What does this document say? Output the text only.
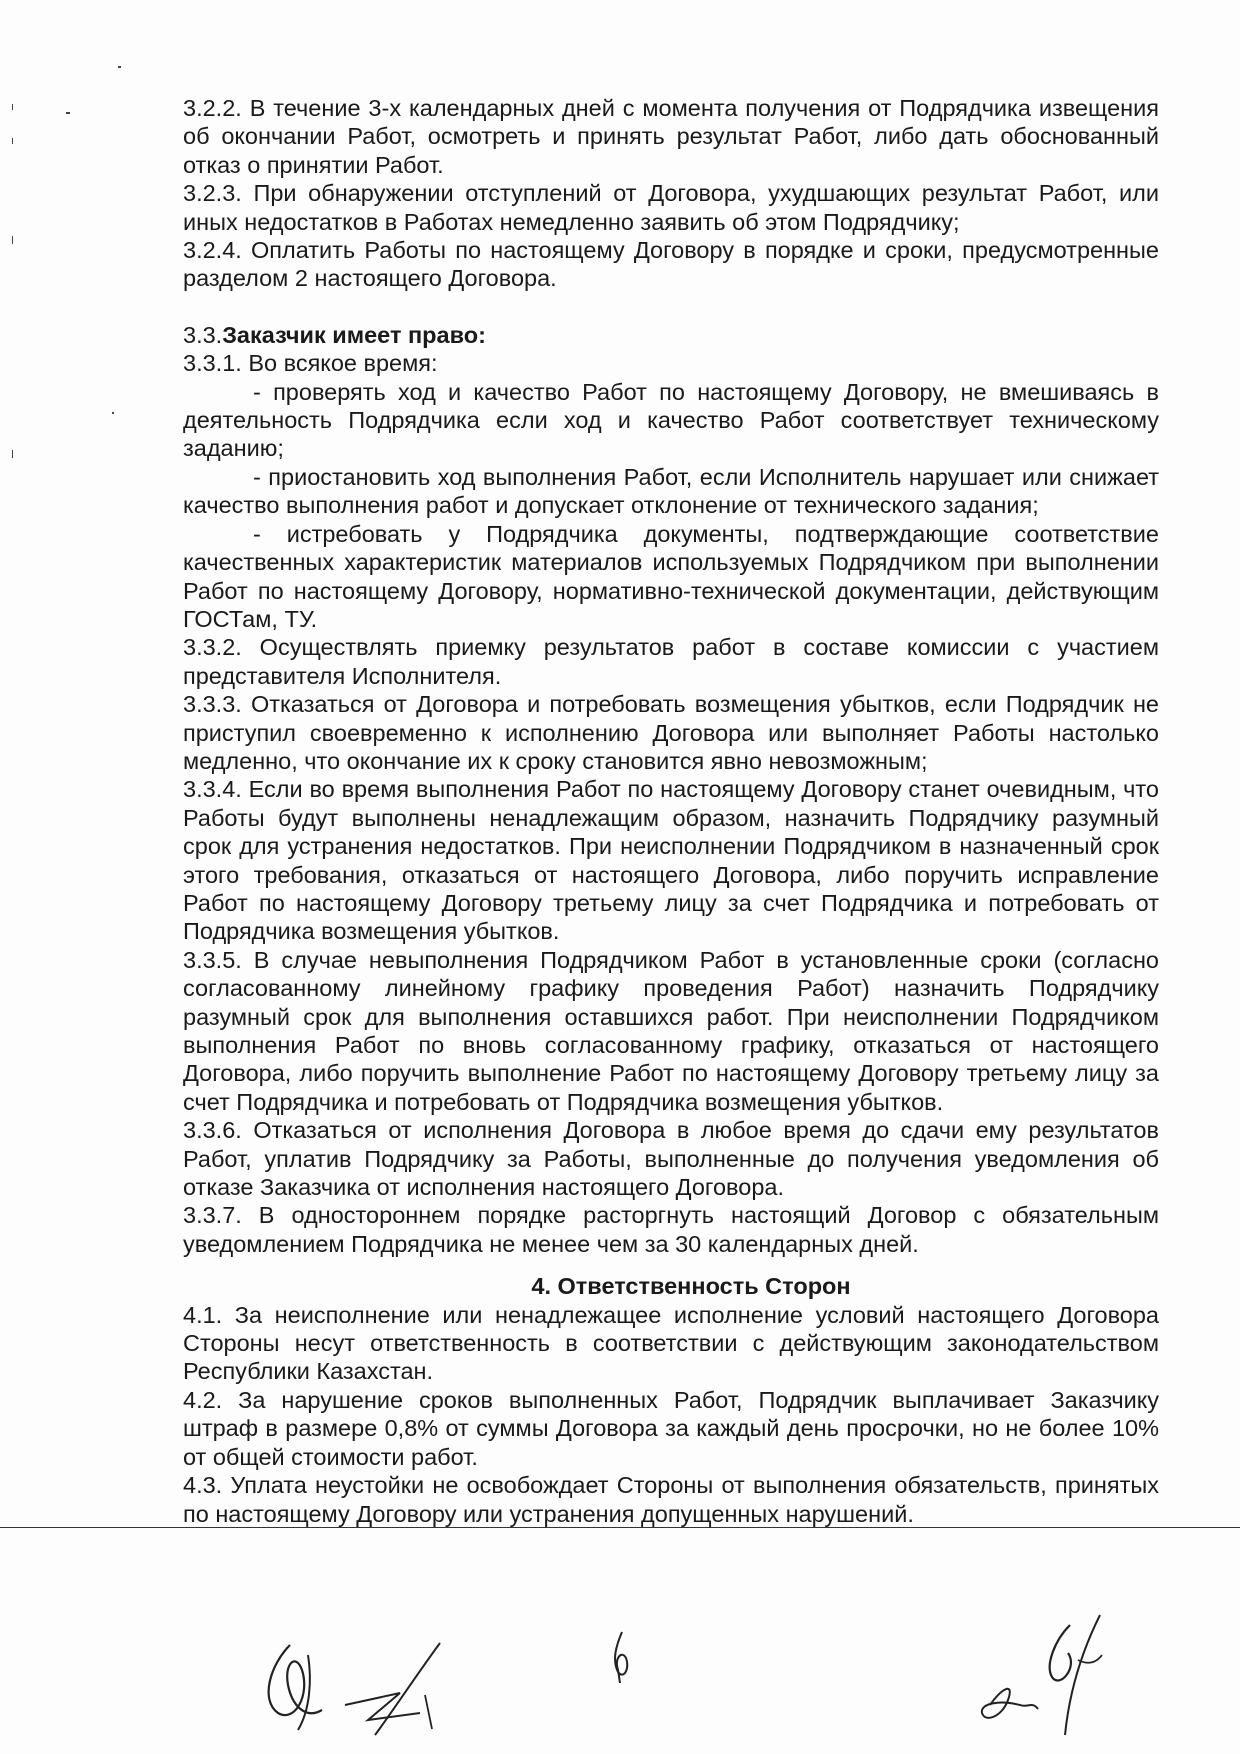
3.2.2. В течение 3-х календарных дней с момента получения от Подрядчика извещения об окончании Работ, осмотреть и принять результат Работ, либо дать обоснованный отказ о принятии Работ.

3.2.3. При обнаружении отступлений от Договора, ухудшающих результат Работ, или иных недостатков в Работах немедленно заявить об этом Подрядчику;

3.2.4. Оплатить Работы по настоящему Договору в порядке и сроки, предусмотренные разделом 2 настоящего Договора.

3.3.Заказчик имеет право:

3.3.1. Во всякое время:

- проверять ход и качество Работ по настоящему Договору, не вмешиваясь в деятельность Подрядчика если ход и качество Работ соответствует техническому заданию;

- приостановить ход выполнения Работ, если Исполнитель нарушает или снижает качество выполнения работ и допускает отклонение от технического задания;

- истребовать у Подрядчика документы, подтверждающие соответствие качественных характеристик материалов используемых Подрядчиком при выполнении Работ по настоящему Договору, нормативно-технической документации, действующим ГОСТам, ТУ.

3.3.2. Осуществлять приемку результатов работ в составе комиссии с участием представителя Исполнителя.

3.3.3. Отказаться от Договора и потребовать возмещения убытков, если Подрядчик не приступил своевременно к исполнению Договора или выполняет Работы настолько медленно, что окончание их к сроку становится явно невозможным;

3.3.4. Если во время выполнения Работ по настоящему Договору станет очевидным, что Работы будут выполнены ненадлежащим образом, назначить Подрядчику разумный срок для устранения недостатков. При неисполнении Подрядчиком в назначенный срок этого требования, отказаться от настоящего Договора, либо поручить исправление Работ по настоящему Договору третьему лицу за счет Подрядчика и потребовать от Подрядчика возмещения убытков.

3.3.5. В случае невыполнения Подрядчиком Работ в установленные сроки (согласно согласованному линейному графику проведения Работ) назначить Подрядчику разумный срок для выполнения оставшихся работ. При неисполнении Подрядчиком выполнения Работ по вновь согласованному графику, отказаться от настоящего Договора, либо поручить выполнение Работ по настоящему Договору третьему лицу за счет Подрядчика и потребовать от Подрядчика возмещения убытков.

3.3.6. Отказаться от исполнения Договора в любое время до сдачи ему результатов Работ, уплатив Подрядчику за Работы, выполненные до получения уведомления об отказе Заказчика от исполнения настоящего Договора.

3.3.7. В одностороннем порядке расторгнуть настоящий Договор с обязательным уведомлением Подрядчика не менее чем за 30 календарных дней.

4. Ответственность Сторон

4.1. За неисполнение или ненадлежащее исполнение условий настоящего Договора Стороны несут ответственность в соответствии с действующим законодательством Республики Казахстан.

4.2. За нарушение сроков выполненных Работ, Подрядчик выплачивает Заказчику штраф в размере 0,8% от суммы Договора за каждый день просрочки, но не более 10% от общей стоимости работ.

4.3. Уплата неустойки не освобождает Стороны от выполнения обязательств, принятых по настоящему Договору или устранения допущенных нарушений.
